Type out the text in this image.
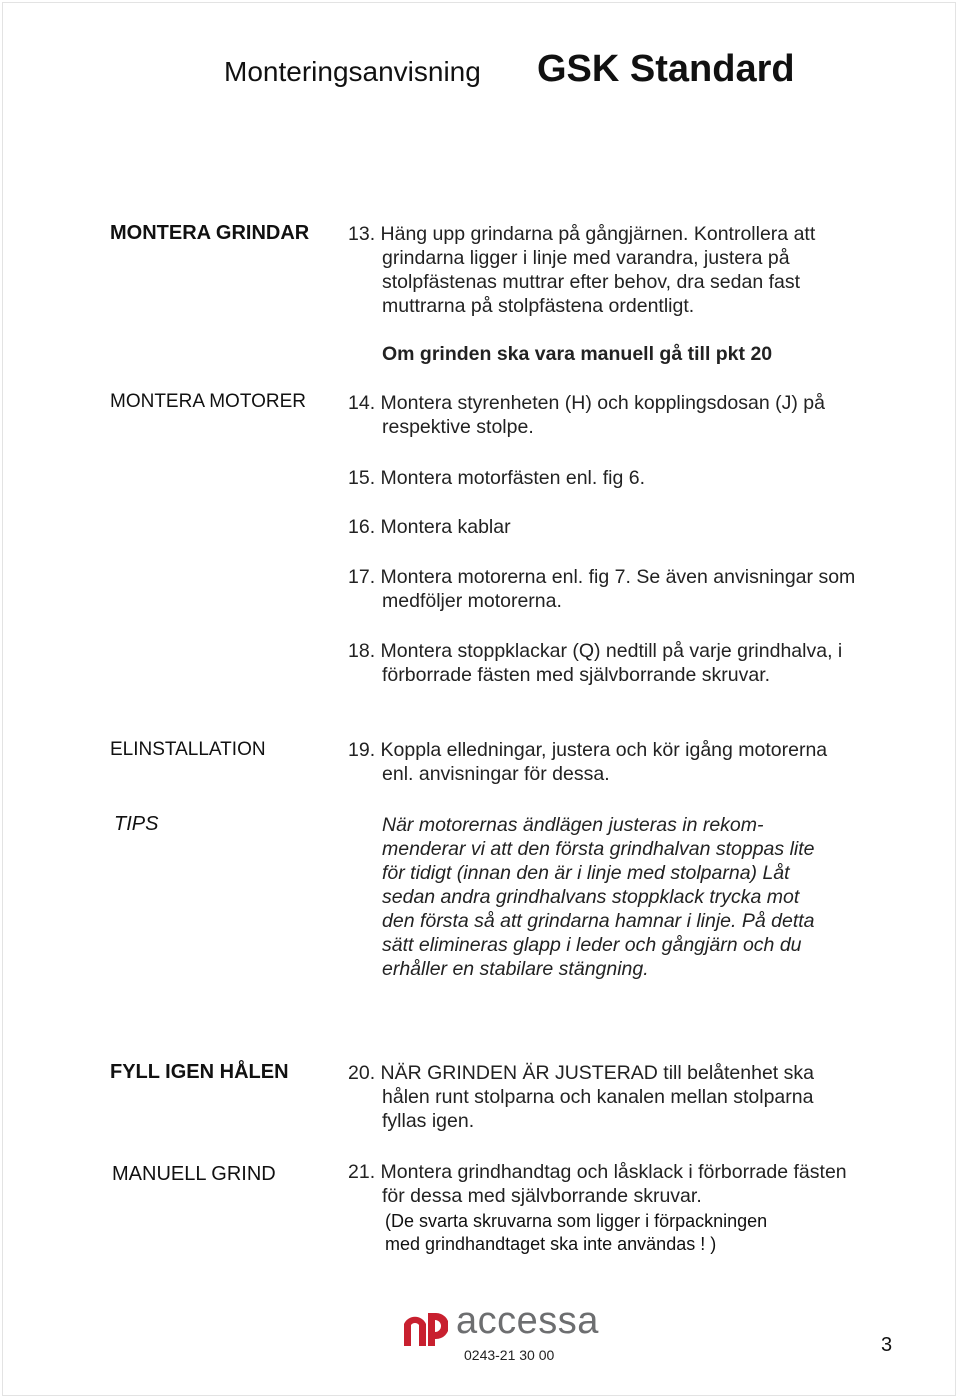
Monteringsanvisning GSK Standard
MONTERA GRINDAR
MONTERA MOTORER
ELINSTALLATION
TIPS
FYLL IGEN HÅLEN
MANUELL GRIND

13. Häng upp grindarna på gångjärnen. Kontrollera att grindarna ligger i linje med varandra, justera på stolpfästenas muttrar efter behov, dra sedan fast muttrarna på stolpfästena ordentligt.

Om grinden ska vara manuell gå till pkt 20

14. Montera styrenheten (H) och kopplingsdosan (J) på respektive stolpe.

15. Montera motorfästen enl. fig 6.

16. Montera kablar

17. Montera motorerna enl. fig 7. Se även anvisningar som medföljer motorerna.

18. Montera stoppklackar (Q) nedtill på varje grindhalva, i förborrade fästen med självborrande skruvar.

19. Koppla elledningar, justera och kör igång motorerna enl. anvisningar för dessa.

När motorernas ändlägen justeras in rekommenderar vi att den första grindhalvan stoppas lite för tidigt (innan den är i linje med stolparna) Låt sedan andra grindhalvans stoppklack trycka mot den första så att grindarna hamnar i linje. På detta sätt elimineras glapp i leder och gångjärn och du erhåller en stabilare stängning.

20. NÄR GRINDEN ÄR JUSTERAD till belåtenhet ska hålen runt stolparna och kanalen mellan stolparna fyllas igen.

21. Montera grindhandtag och låsklack i förborrade fästen för dessa med självborrande skruvar.

(De svarta skruvarna som ligger i förpackningen
med grindhandtaget ska inte användas ! )

accessa
0243-21 30 00	3
